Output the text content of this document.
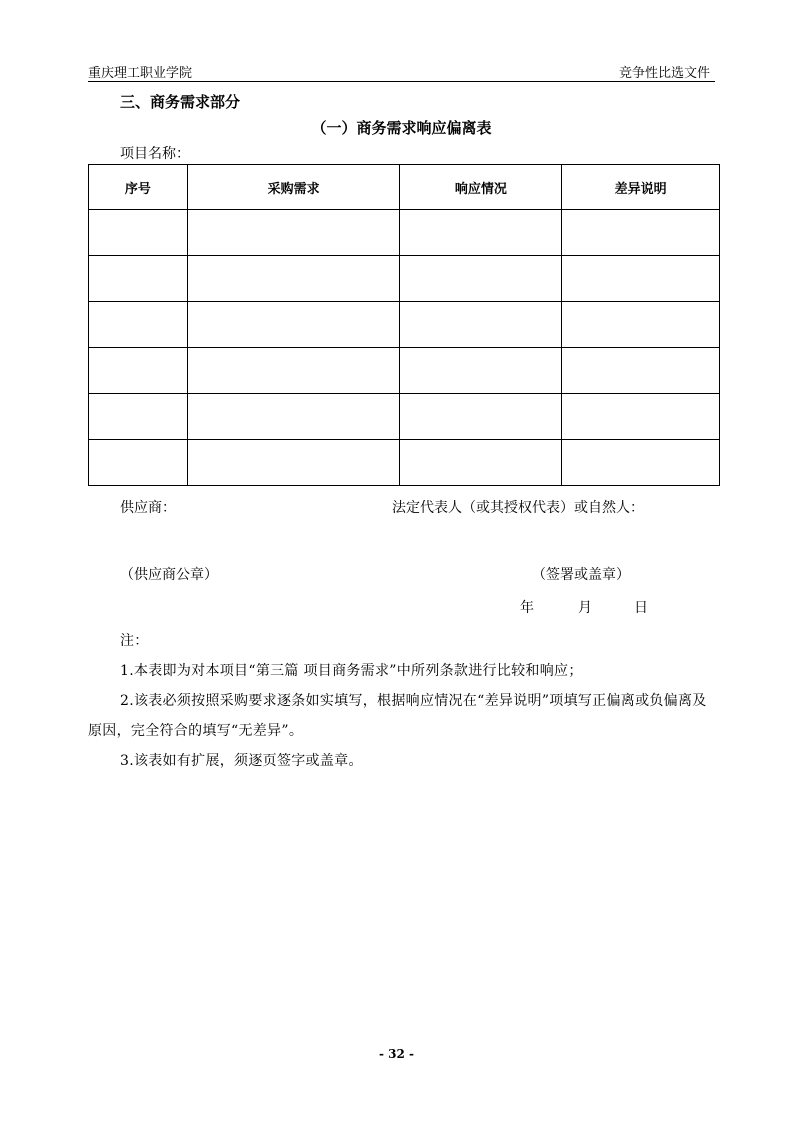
重庆理工职业学院	竞争性比选文件
三、商务需求部分
（一）商务需求响应偏离表
项目名称：
序号	采购需求	响应情况	差异说明

供应商：	法定代表人（或其授权代表）或自然人：
（供应商公章）	（签署或盖章）
年	月	日

注：

1.本表即为对本项目“第三篇 项目商务需求”中所列条款进行比较和响应；

2.该表必须按照采购要求逐条如实填写，根据响应情况在“差异说明”项填写正偏离或负偏离及原因，完全符合的填写“无差异”。

3.该表如有扩展，须逐页签字或盖章。

- 32 -
